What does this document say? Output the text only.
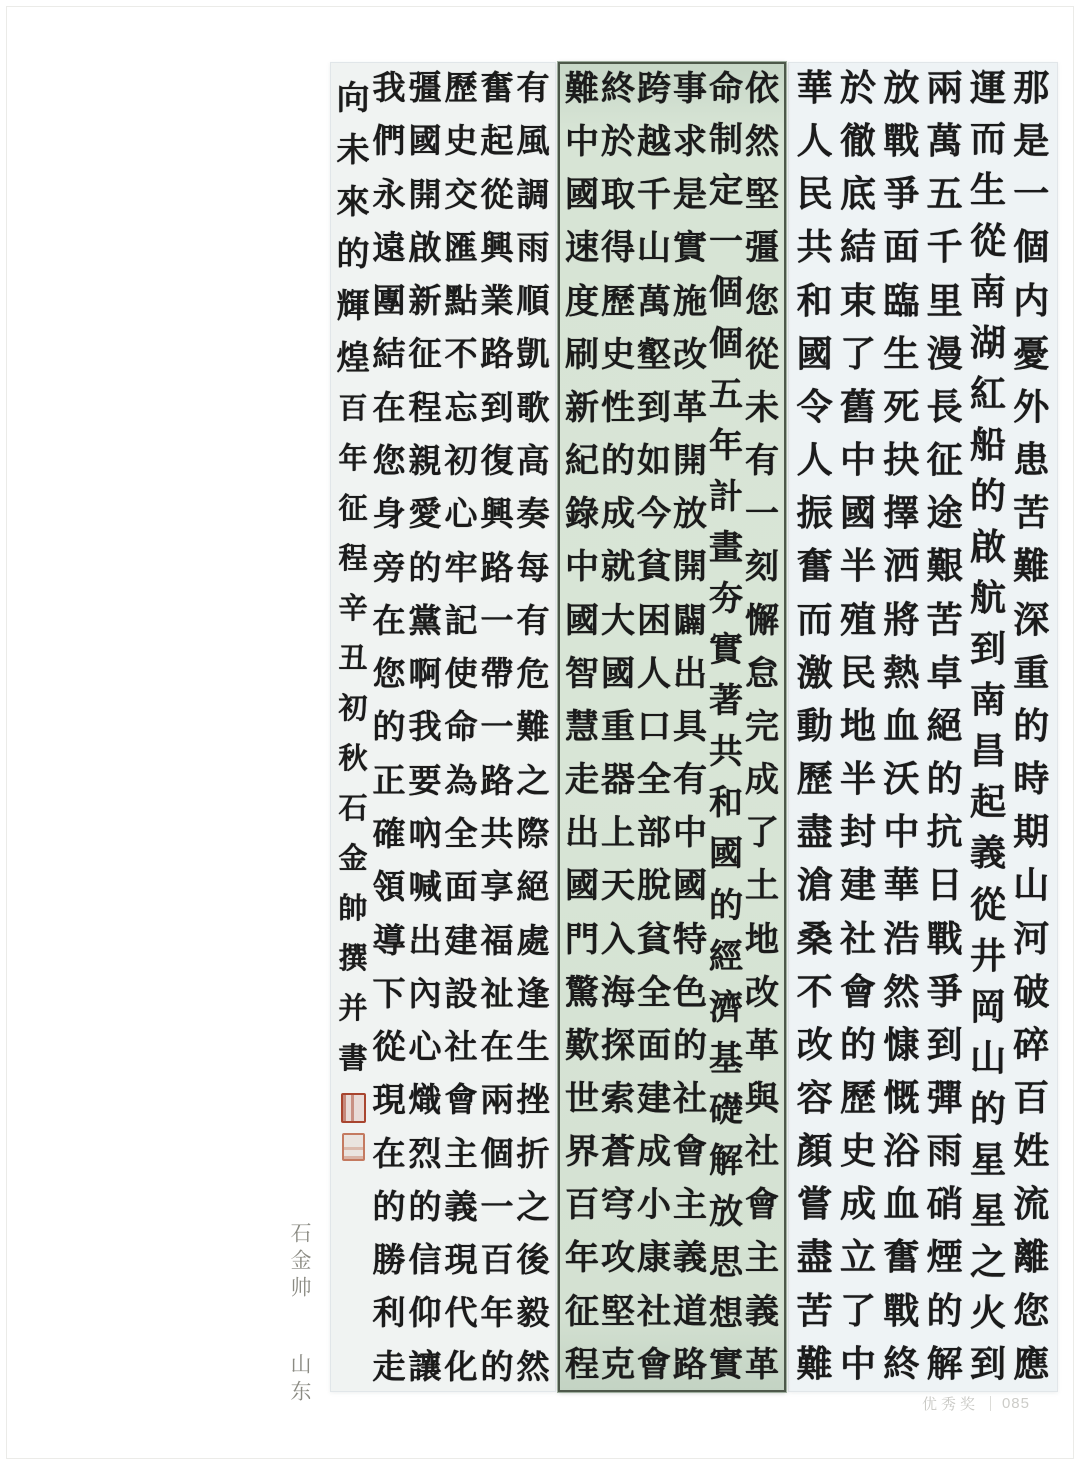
那
是
一
個
内
憂
外
患
苦
難
深
重
的
時
期
山
河
破
碎
百
姓
流
離
您
應
運
而
生
從
南
湖
紅
船
的
啟
航
到
南
昌
起
義
從
井
岡
山
的
星
星
之
火
到
兩
萬
五
千
里
漫
長
征
途
艱
苦
卓
絕
的
抗
日
戰
爭
到
彈
雨
硝
煙
的
解
放
戰
爭
面
臨
生
死
抉
擇
洒
將
熱
血
沃
中
華
浩
然
慷
慨
浴
血
奮
戰
終
於
徹
底
結
束
了
舊
中
國
半
殖
民
地
半
封
建
社
會
的
歷
史
成
立
了
中
華
人
民
共
和
國
令
人
振
奮
而
激
動
歷
盡
滄
桑
不
改
容
顏
嘗
盡
苦
難
依
然
堅
彊
您
從
未
有
一
刻
懈
怠
完
成
了
土
地
改
革
與
社
會
主
義
革
命
制
定
一
個
個
五
年
計
畫
夯
實
著
共
和
國
的
經
濟
基
礎
解
放
思
想
實
事
求
是
實
施
改
革
開
放
開
闢
出
具
有
中
國
特
色
的
社
會
主
義
道
路
跨
越
千
山
萬
壑
到
如
今
貧
困
人
口
全
部
脫
貧
全
面
建
成
小
康
社
會
終
於
取
得
歷
史
性
的
成
就
大
國
重
器
上
天
入
海
探
索
蒼
穹
攻
堅
克
難
中
國
速
度
刷
新
紀
錄
中
國
智
慧
走
出
國
門
驚
歎
世
界
百
年
征
程
有
風
調
雨
順
凱
歌
高
奏
每
有
危
難
之
際
絕
處
逢
生
挫
折
之
後
毅
然
奮
起
從
興
業
路
到
復
興
路
一
帶
一
路
共
享
福
祉
在
兩
個
一
百
年
的
歷
史
交
匯
點
不
忘
初
心
牢
記
使
命
為
全
面
建
設
社
會
主
義
現
代
化
彊
國
開
啟
新
征
程
親
愛
的
黨
啊
我
要
吶
喊
出
內
心
熾
烈
的
信
仰
讓
我
們
永
遠
團
結
在
您
身
旁
在
您
的
正
確
領
導
下
從
現
在
的
勝
利
走
向
未
來
的
輝
煌
百
年
征
程
辛
丑
初
秋
石
金
帥
撰
并
書
石金帅 山东	优秀奖 085
